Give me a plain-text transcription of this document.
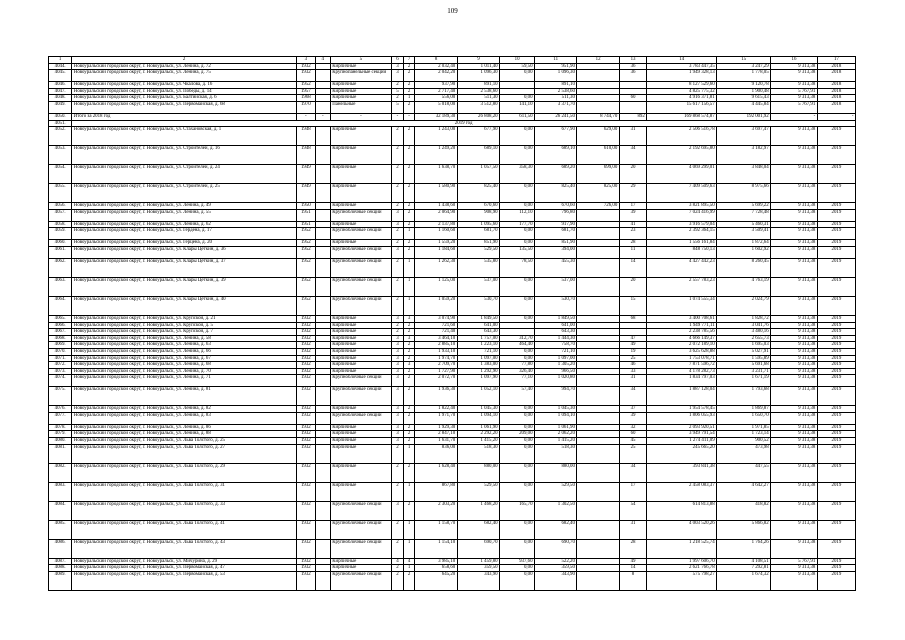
109
1	2	3	4	5	6	7	8	9	10	11	12	13	14	15	16	17
4044.	Новоуральский городской округ, г. Новоуральск, ул. Ленина, д. 72	1932		Кирпичные	3	2	2 032,40	1 011,40	59,50	951,90		36	3 783 447,35	3 247,29	9 313,38	2018
4045.	Новоуральский городской округ, г. Новоуральск, ул. Ленина, д. 75	1932		Крупнопанельные секции	3	2	2 042,20	1 096,30	0,00	1 096,30		36	1 949 328,13	1 778,05	9 313,38	2018
4046.	Новоуральский городской округ, г. Новоуральск, ул. Чкалова, д. 16	1952		Кирпичные	2	2	937,90	891,10		891,10			8 127 529,60	9 120,78	9 313,38	2018
4047.	Новоуральский городской округ, г. Новоуральск, ул. Победы, д. 14	1957		Кирпичные	5	2	2 717,40	2 538,60		2 538,60			4 825 775,32	1 900,48	5 767,91	2018
4048.	Новоуральский городской округ, г. Новоуральск, ул. Балтийская, д. 6	1968		Кирпичные	2	1	556,00	511,30	0,00	511,30		60	4 916 371,81	9 615,43	9 313,38	2018
4049.	Новоуральский городской округ, г. Новоуральск, ул. Первомайская, д. 68	1970		Панельные	5	2	5 018,00	3 512,80	141,10	3 371,70			15 617 156,57	4 445,84	5 767,91	2018
4050.	Итого за 2018 год	-	-	-	-	-	32 189,30	26 808,20	611,50	26 241,50	8 744,70	892	169 868 574,87	192 001,92	-	-
4051.	2019 год															
4052.	Новоуральский городской округ, г. Новоуральск, ул. Стахановская, д. 1	1948		Кирпичные	2	2	1 243,00	677,90	0,00	677,90	629,00	31	2 506 516,78	3 697,47	9 313,38	2019
4053.	Новоуральский городской округ, г. Новоуральск, ул. Строителей, д. 16	1948		Кирпичные	2	2	1 249,20	689,10	0,00	689,10	610,00	34	2 192 695,80	3 182,97	9 313,38	2019
4054.	Новоуральский городской округ, г. Новоуральск, ул. Строителей, д. 24	1949		Кирпичные	2	2	1 638,70	1 057,50	358,30	689,20	699,00	20	4 069 299,01	3 848,04	9 313,38	2019
4055.	Новоуральский городской округ, г. Новоуральск, ул. Строителей, д. 25	1949		Кирпичные	2	2	1 580,90	825,40	0,00	825,40	825,00	29	7 409 509,63	8 975,66	9 313,38	2019
4056.	Новоуральский городской округ, г. Новоуральск, ул. Ленина, д. 49	1950		Кирпичные	2	2	1 438,60	670,60	0,00	670,60	726,00	17	3 821 895,50	5 699,22	9 313,38	2019
4057.	Новоуральский городской округ, г. Новоуральск, ул. Ленина, д. 55	1951		Крупноблочные секции	3	2	2 064,90	908,90	112,10	796,80		39	7 024 416,99	7 728,48	9 313,38	2019
4058.	Новоуральский городской округ, г. Новоуральск, ул. Ленина, д. 62	1951		Кирпичные	3	2	2 137,80	1 095,60	177,70	917,90		41	3 916 579,04	5 460,31	9 313,38	2019
4059.	Новоуральский городской округ, г. Новоуральск, ул. Гердена, д. 17	1952		Крупноблочные секции	2	1	1 160,60	681,70	0,00	681,70		23	2 392 364,15	3 509,41	9 313,38	2019
4060.	Новоуральский городской округ, г. Новоуральск, ул. Герцена, д. 20	1952		Кирпичные	2	2	1 559,20	851,90	0,00	851,90		28	1 556 161,84	1 872,64	9 313,38	2019
4061.	Новоуральский городской округ, г. Новоуральск, ул. Клары Цеткин, д. 36	1952		Крупноблочные секции	3	2	1 184,60	529,50	135,50	394,00		11	848 750,13	1 602,92	9 313,38	2019
4062.	Новоуральский городской округ, г. Новоуральск, ул. Клары Цеткин, д. 37	1952		Крупноблочные секции	2	1	1 262,30	535,80	78,50	455,30		14	4 427 442,23	8 260,45	9 313,38	2019
4063.	Новоуральский городской округ, г. Новоуральск, ул. Клары Цеткин, д. 39	1952		Крупноблочные секции	2	1	1 125,00	537,00	0,00	537,00		20	2 557 783,23	4 763,19	9 313,38	2019
4064.	Новоуральский городской округ, г. Новоуральск, ул. Клары Цеткин, д. 40	1952		Крупноблочные секции	2	1	1 059,20	530,70	0,00	530,70		15	1 074 555,34	2 024,79	9 313,38	2019
4065.	Новоуральский городской округ, г. Новоуральск, ул. Крупской, д. 21	1932		Кирпичные	3	3	3 074,90	1 849,50	0,00	1 849,50		68	3 400 708,61	1 828,72	9 313,38	2019
4066.	Новоуральский городской округ, г. Новоуральск, ул. Крупской, д. 5	1932		Кирпичные	2	2	721,60	641,00		641,00			1 949 771,11	3 041,76	9 313,38	2019
4067.	Новоуральский городской округ, г. Новоуральск, ул. Крупской, д. 7	1932		Кирпичные	2	2	721,40	643,30		643,30			2 238 785,56	3 480,16	9 313,38	2019
4068.	Новоуральский городской округ, г. Новоуральск, ул. Ленина, д. 58	1932		Кирпичные	3	3	3 464,10	1 757,00	312,70	1 444,30		47	4 666 149,37	2 655,73	9 313,38	2019
4069.	Новоуральский городской округ, г. Новоуральск, ул. Ленина, д. 63	1932		Кирпичные	3	2	2 885,10	1 223,10	464,40	758,70		49	2 072 189,10	1 695,03	9 313,38	2019
4070.	Новоуральский городской округ, г. Новоуральск, ул. Ленина, д. 66	1932		Кирпичные	3	2	1 933,10	721,10	0,00	721,10		19	3 625 628,88	5 027,91	9 313,38	2019
4071.	Новоуральский городской округ, г. Новоуральск, ул. Ленина, д. 67	1932		Кирпичные	3	2	1 974,70	1 097,00	0,00	1 097,00		25	1 753 078,71	1 595,89	9 313,38	2019
4072.	Новоуральский городской округ, г. Новоуральск, ул. Ленина, д. 68	1932		Кирпичные	3	3	2 709,70	1 383,00	77,80	1 305,20		46	7 871 596,72	5 691,68	9 313,38	2019
4073.	Новоуральский городской округ, г. Новоуральск, ул. Ленина, д. 70	1932		Кирпичные	3	2	1 727,90	1 292,90	326,40	966,50		33	4 178 282,73	3 231,71	9 313,38	2019
4074.	Новоуральский городской округ, г. Новоуральск, ул. Ленина, д. 71	1932		Крупноблочные секции	3	2	2 072,70	1 097,90	77,10	1 020,80		31	1 834 797,03	1 671,19	9 313,38	2019
4075.	Новоуральский городской округ, г. Новоуральск, ул. Ленина, д. 81	1932		Крупноблочные секции	3	2	1 936,30	1 052,10	57,40	994,70		34	1 887 128,04	1 793,68	9 313,38	2019
4076.	Новоуральский городской округ, г. Новоуральск, ул. Ленина, д. 82	1932		Кирпичные	3	2	1 822,40	1 045,30	0,00	1 045,30		37	1 954 578,45	1 869,87	9 313,38	2019
4077.	Новоуральский городской округ, г. Новоуральск, ул. Ленина, д. 83	1932		Крупноблочные секции	3	2	1 971,70	1 094,10	0,00	1 094,10		39	1 806 055,93	1 650,70	9 313,38	2019
4078.	Новоуральский городской округ, г. Новоуральск, ул. Ленина, д. 86	1932		Кирпичные	3	2	1 929,30	1 061,90	0,00	1 061,90		32	2 093 920,51	1 971,85	9 313,38	2019
4079.	Новоуральский городской округ, г. Новоуральск, ул. Ленина, д. 88	1932		Кирпичные	3	2	2 847,10	2 292,20	209,00	2 062,20		60	3 949 791,54	1 723,14	9 313,38	2019
4080.	Новоуральский городской округ, г. Новоуральск, ул. Льва Толстого, д. 25	1932		Кирпичные	3	2	1 631,70	1 415,20	0,00	1 415,20		45	1 274 411,09	900,52	9 313,38	2019
4081.	Новоуральский городской округ, г. Новоуральск, ул. Льва Толстого, д. 27	1932		Кирпичные	2	1	836,00	518,30	0,00	518,30		25	245 665,20	473,98	9 313,38	2019
4082.	Новоуральский городской округ, г. Новоуральск, ул. Льва Толстого, д. 29	1932		Кирпичные	2	2	1 628,40	880,00	0,00	880,00		34	393 841,38	447,55	9 313,38	2019
4083.	Новоуральский городской округ, г. Новоуральск, ул. Льва Толстого, д. 31	1932		Кирпичные	2	1	867,80	529,50	0,00	529,50		17	2 458 083,37	4 642,27	9 313,38	2019
4084.	Новоуральский городской округ, г. Новоуральск, ул. Льва Толстого, д. 33	1932		Крупноблочные секции	3	2	2 303,20	1 468,20	165,70	1 302,50		54	614 813,88	418,82	9 313,38	2019
4085.	Новоуральский городской округ, г. Новоуральск, ул. Льва Толстого, д. 41	1932		Крупноблочные секции	2	1	1 158,70	682,40	0,00	682,40		31	4 003 520,26	5 866,82	9 313,38	2019
4086.	Новоуральский городской округ, г. Новоуральск, ул. Льва Толстого, д. 43	1932		Крупноблочные секции	2	1	1 154,10	690,70	0,00	690,70		28	1 218 525,74	1 764,26	9 313,38	2019
4087.	Новоуральский городской округ, г. Новоуральск, ул. Мичурина, д. 29	1932		Кирпичные	4	4	3 985,10	1 459,80	937,60	522,20		49	1 997 606,70	4 108,51	5 767,91	2019
4088.	Новоуральский городской округ, г. Новоуральск, ул. Первомайская, д. 47	1932		Кирпичные	2	1	658,60	359,50	0,00	359,50		14	2 621 766,78	7 292,81	9 313,38	2019
4089.	Новоуральский городской округ, г. Новоуральск, ул. Первомайская, д. 53	1932		Крупноблочные секции	2	2	645,20	343,90	0,00	343,90		8	575 798,27	1 674,32	9 313,38	2019
